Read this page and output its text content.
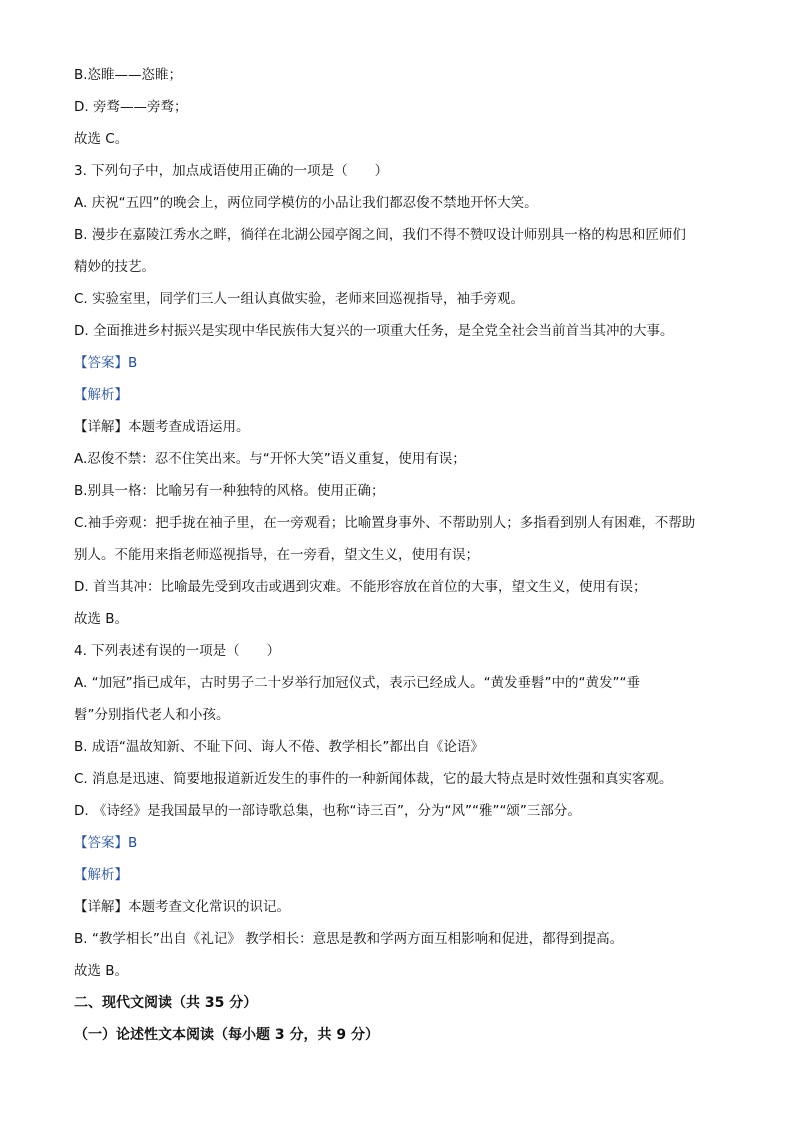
B.恣睢——恣睢；
D. 旁骛——旁骛；
故选 C。
3. 下列句子中，加点成语使用正确的一项是（　　）
A. 庆祝“五四”的晚会上，两位同学模仿的小品让我们都忍俊不禁地开怀大笑。
B. 漫步在嘉陵江秀水之畔，徜徉在北湖公园亭阁之间，我们不得不赞叹设计师别具一格的构思和匠师们
精妙的技艺。
C. 实验室里，同学们三人一组认真做实验，老师来回巡视指导，袖手旁观。
D. 全面推进乡村振兴是实现中华民族伟大复兴的一项重大任务，是全党全社会当前首当其冲的大事。
【答案】B
【解析】
【详解】本题考查成语运用。
A.忍俊不禁：忍不住笑出来。与“开怀大笑”语义重复，使用有误；
B.别具一格：比喻另有一种独特的风格。使用正确；
C.袖手旁观：把手拢在袖子里，在一旁观看；比喻置身事外、不帮助别人；多指看到别人有困难，不帮助
别人。不能用来指老师巡视指导，在一旁看，望文生义，使用有误；
D. 首当其冲：比喻最先受到攻击或遇到灾难。不能形容放在首位的大事，望文生义，使用有误；
故选 B。
4. 下列表述有误的一项是（　　）
A. “加冠”指已成年，古时男子二十岁举行加冠仪式，表示已经成人。“黄发垂髫”中的“黄发”“垂
髫”分别指代老人和小孩。
B. 成语“温故知新、不耻下问、诲人不倦、教学相长”都出自《论语》
C. 消息是迅速、简要地报道新近发生的事件的一种新闻体裁，它的最大特点是时效性强和真实客观。
D. 《诗经》是我国最早的一部诗歌总集，也称“诗三百”，分为“风”“雅”“颂”三部分。
【答案】B
【解析】
【详解】本题考查文化常识的识记。
B. “教学相长”出自《礼记》 教学相长：意思是教和学两方面互相影响和促进，都得到提高。
故选 B。
二、现代文阅读（共 35 分）
（一）论述性文本阅读（每小题 3 分，共 9 分）
